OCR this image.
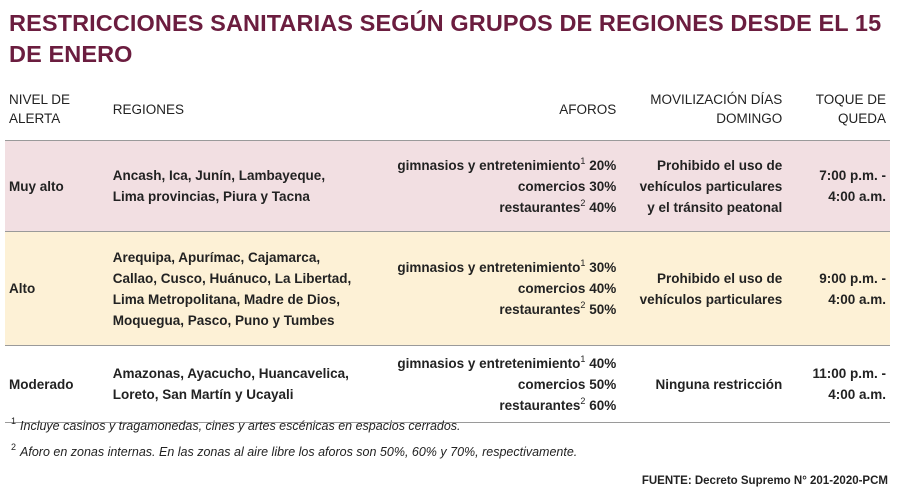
RESTRICCIONES SANITARIAS SEGÚN GRUPOS DE REGIONES DESDE EL 15 DE ENERO
NIVEL DE ALERTA	REGIONES	AFOROS	MOVILIZACIÓN DÍAS DOMINGO	TOQUE DE QUEDA
Muy alto	Ancash, Ica, Junín, Lambayeque, Lima provincias, Piura y Tacna	gimnasios y entretenimiento$^1$ 20%
comercios 30%
restaurantes$^2$ 40%	Prohibido el uso de vehículos particulares y el tránsito peatonal	7:00 p.m. - 4:00 a.m.
Alto	Arequipa, Apurímac, Cajamarca, Callao, Cusco, Huánuco, La Libertad, Lima Metropolitana, Madre de Dios, Moquegua, Pasco, Puno y Tumbes	gimnasios y entretenimiento$^1$ 30%
comercios 40%
restaurantes$^2$ 50%	Prohibido el uso de vehículos particulares	9:00 p.m. - 4:00 a.m.
Moderado	Amazonas, Ayacucho, Huancavelica, Loreto, San Martín y Ucayali	gimnasios y entretenimiento$^1$ 40%
comercios 50%
restaurantes$^2$ 60%	Ninguna restricción	11:00 p.m. - 4:00 a.m.
$^1$ Incluye casinos y tragamonedas, cines y artes escénicas en espacios cerrados.
$^2$ Aforo en zonas internas. En las zonas al aire libre los aforos son 50%, 60% y 70%, respectivamente.
FUENTE: Decreto Supremo N° 201-2020-PCM
